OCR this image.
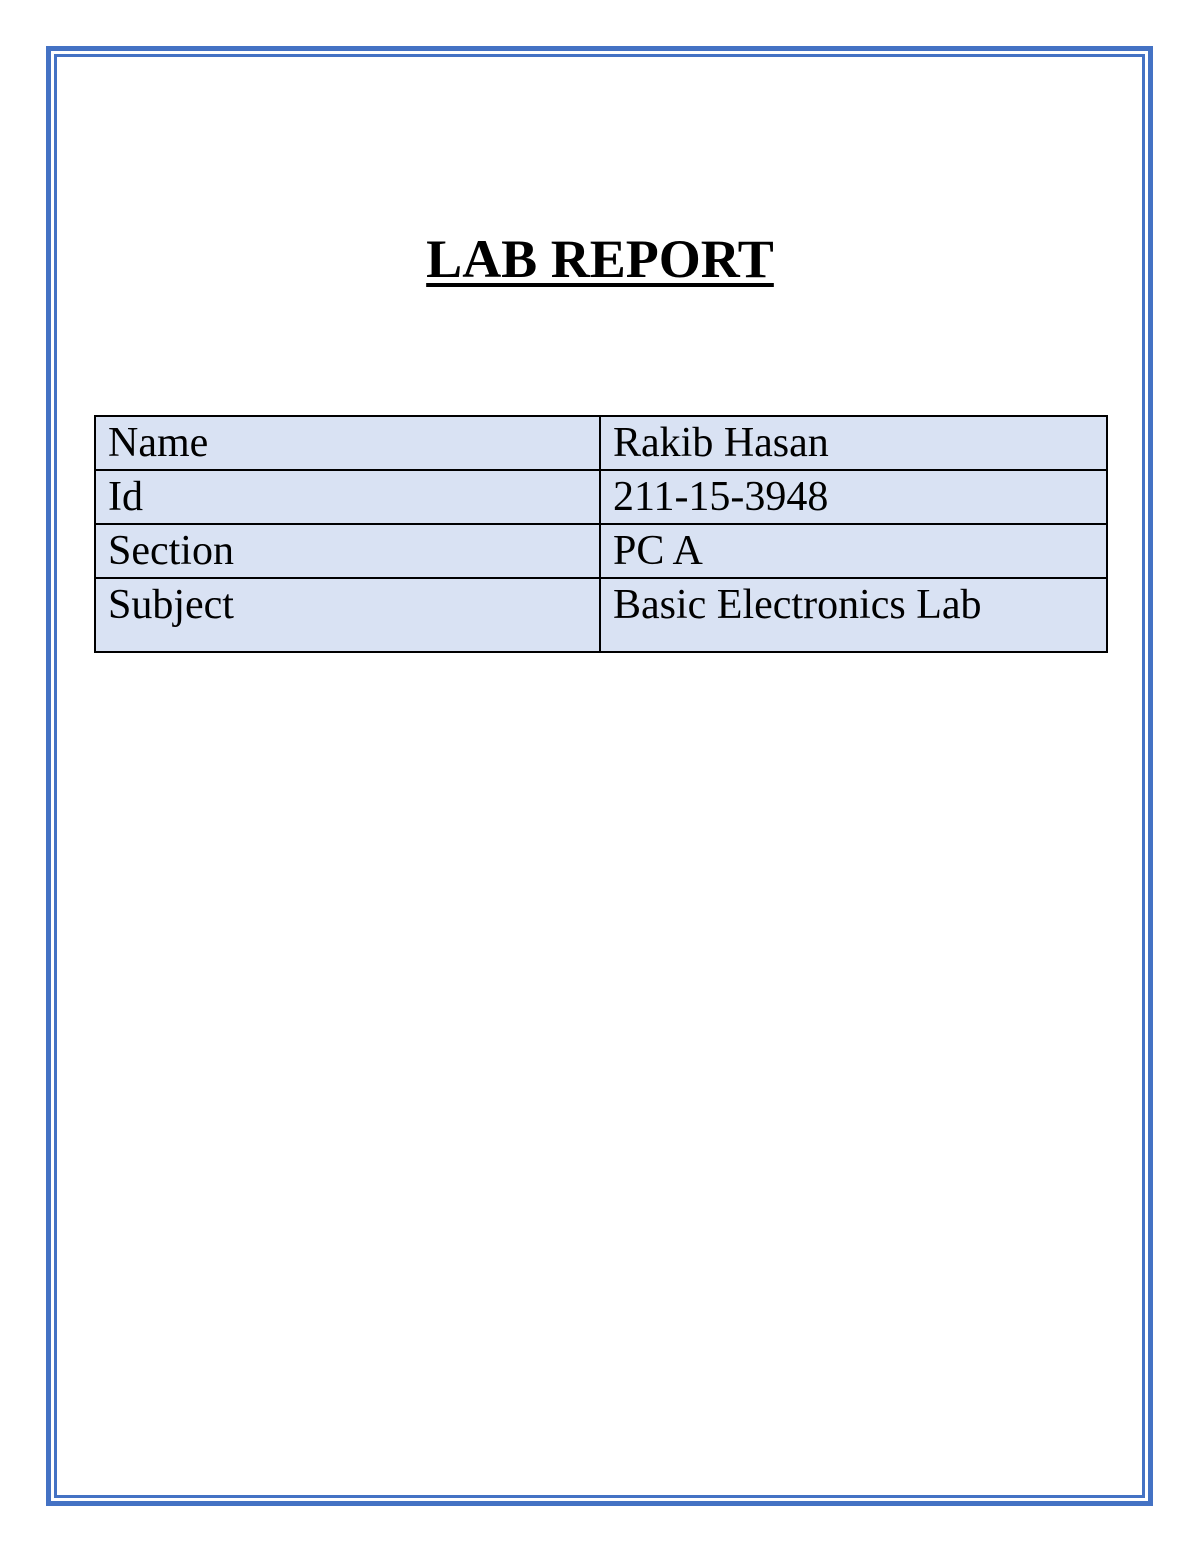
LAB REPORT
Name	Rakib Hasan
Id	211-15-3948
Section	PC A
Subject	Basic Electronics Lab
